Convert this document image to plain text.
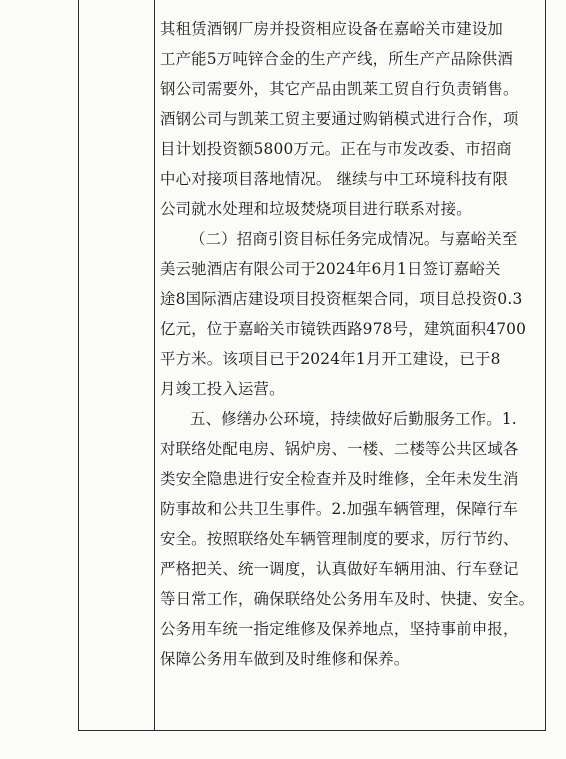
其租赁酒钢厂房并投资相应设备在嘉峪关市建设加
工产能5万吨锌合金的生产产线，所生产产品除供酒
钢公司需要外，其它产品由凯莱工贸自行负责销售。
酒钢公司与凯莱工贸主要通过购销模式进行合作，项
目计划投资额5800万元。正在与市发改委、市招商
中心对接项目落地情况。 继续与中工环境科技有限
公司就水处理和垃圾焚烧项目进行联系对接。
（二）招商引资目标任务完成情况。与嘉峪关至
美云驰酒店有限公司于2024年6月1日签订嘉峪关
途8国际酒店建设项目投资框架合同，项目总投资0.3
亿元，位于嘉峪关市镜铁西路978号，建筑面积4700
平方米。该项目已于2024年1月开工建设，已于8
月竣工投入运营。
五、修缮办公环境，持续做好后勤服务工作。1.
对联络处配电房、锅炉房、一楼、二楼等公共区域各
类安全隐患进行安全检查并及时维修，全年未发生消
防事故和公共卫生事件。2.加强车辆管理，保障行车
安全。按照联络处车辆管理制度的要求，厉行节约、
严格把关、统一调度，认真做好车辆用油、行车登记
等日常工作，确保联络处公务用车及时、快捷、安全。
公务用车统一指定维修及保养地点，坚持事前申报，
保障公务用车做到及时维修和保养。
